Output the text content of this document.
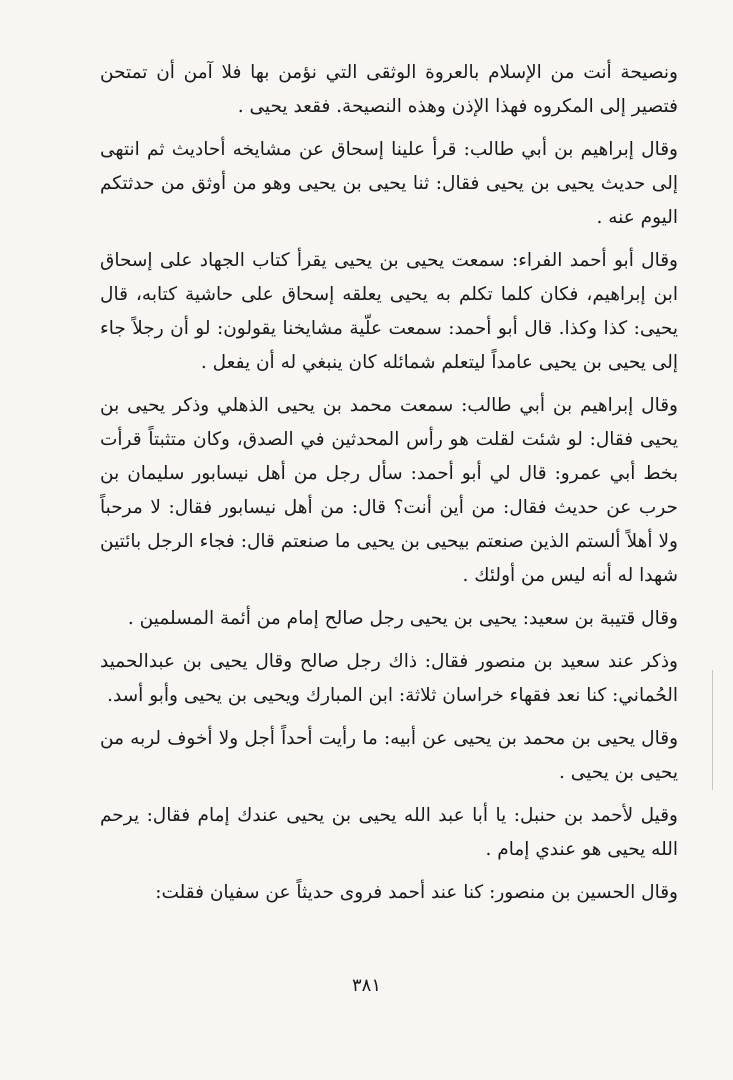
ونصيحة أنت من الإسلام بالعروة الوثقى التي نؤمن بها فلا آمن أن تمتحن فتصير إلى المكروه فهذا الإذن وهذه النصيحة. فقعد يحيى .

وقال إبراهيم بن أبي طالب: قرأ علينا إسحاق عن مشايخه أحاديث ثم انتهى إلى حديث يحيى بن يحيى فقال: ثنا يحيى بن يحيى وهو من أوثق من حدثتكم اليوم عنه .

وقال أبو أحمد الفراء: سمعت يحيى بن يحيى يقرأ كتاب الجهاد على إسحاق ابن إبراهيم، فكان كلما تكلم به يحيى يعلقه إسحاق على حاشية كتابه، قال يحيى: كذا وكذا. قال أبو أحمد: سمعت علّية مشايخنا يقولون: لو أن رجلاً جاء إلى يحيى بن يحيى عامداً ليتعلم شمائله كان ينبغي له أن يفعل .

وقال إبراهيم بن أبي طالب: سمعت محمد بن يحيى الذهلي وذكر يحيى بن يحيى فقال: لو شئت لقلت هو رأس المحدثين في الصدق، وكان متثبتاً قرأت بخط أبي عمرو: قال لي أبو أحمد: سأل رجل من أهل نيسابور سليمان بن حرب عن حديث فقال: من أين أنت؟ قال: من أهل نيسابور فقال: لا مرحباً ولا أهلاً ألستم الذين صنعتم بيحيى بن يحيى ما صنعتم قال: فجاء الرجل بائتين شهدا له أنه ليس من أولئك .

وقال قتيبة بن سعيد: يحيى بن يحيى رجل صالح إمام من أئمة المسلمين .

وذكر عند سعيد بن منصور فقال: ذاك رجل صالح وقال يحيى بن عبدالحميد الحُماني: كنا نعد فقهاء خراسان ثلاثة: ابن المبارك ويحيى بن يحيى وأبو أسد.

وقال يحيى بن محمد بن يحيى عن أبيه: ما رأيت أحداً أجل ولا أخوف لربه من يحيى بن يحيى .

وقيل لأحمد بن حنبل: يا أبا عبد الله يحيى بن يحيى عندك إمام فقال: يرحم الله يحيى هو عندي إمام .

وقال الحسين بن منصور: كنا عند أحمد فروى حديثاً عن سفيان فقلت:

٣٨١
